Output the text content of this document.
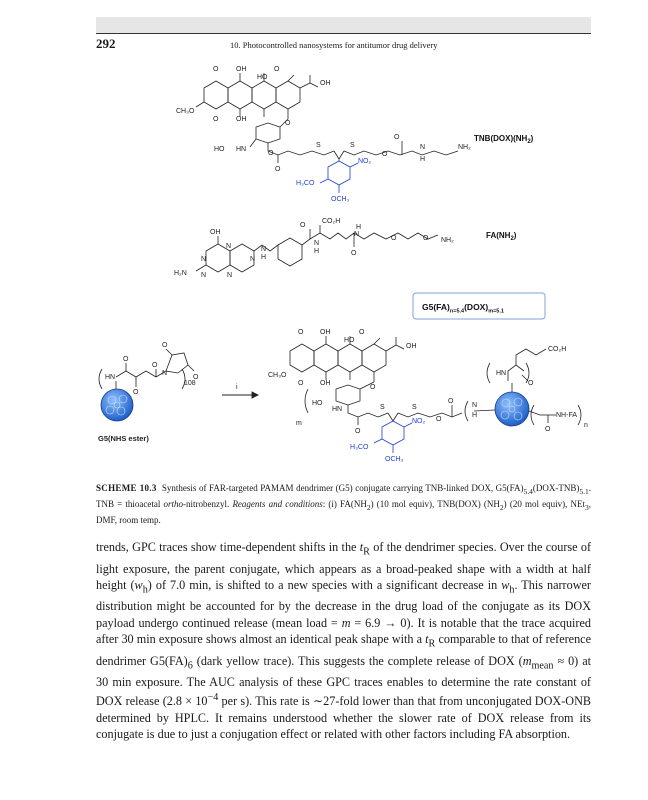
292	10. Photocontrolled nanosystems for antitumor drug delivery
O	OH
HO
O
OH
CH₃O
O	OH
O
HO HN
O
S	S
O
O
N
H
NH₂
O
NO₂
H₃CO
OCH₃
$TNB(DOX)(NH_2)$
O
CO₂H
H
N
N
H
OH
O
N
N
N
N
H
O	O NH₂
H₂N N	N
$FA(NH_2)$
$G5(FA)_{n=5.4}(DOX)_{m=5.1}$
O
O
HN
O
O
N
O
108
G5(NHS ester)
i
O OH
HO
O
OH
CH₃O
O OH
O
HO
HN	S	S
O
O
O
N
H
NO₂
H₃CO
OCH₃
CO₂H
HN
O
NH-FA
O
m	n
SCHEME 10.3 Synthesis of FAR-targeted PAMAM dendrimer (G5) conjugate carrying TNB-linked DOX, $G5(FA)_{5.4}(DOX-TNB)_{5.1}$. TNB = thioacetal ortho-nitrobenzyl. Reagents and conditions: (i) $FA(NH_2)$ (10 mol equiv), TNB(DOX) $(NH_2)$ (20 mol equiv), NEt$_3$, DMF, room temp.

trends, GPC traces show time-dependent shifts in the $t_R$ of the dendrimer species. Over the course of light exposure, the parent conjugate, which appears as a broad-peaked shape with a width at half height $(w_h)$ of 7.0 min, is shifted to a new species with a significant decrease in $w_h$. This narrower distribution might be accounted for by the decrease in the drug load of the conjugate as its DOX payload undergo continued release (mean load = m = 6.9 → 0). It is notable that the trace acquired after 30 min exposure shows almost an identical peak shape with a $t_R$ comparable to that of reference dendrimer $G5(FA)_6$ (dark yellow trace). This suggests the complete release of DOX $(m_{mean} \approx 0)$ at 30 min exposure. The AUC analysis of these GPC traces enables to determine the rate constant of DOX release ($2.8 \times 10^{-4}$ per s). This rate is ∼27-fold lower than that from unconjugated DOX-ONB determined by HPLC. It remains understood whether the slower rate of DOX release from its conjugate is due to just a conjugation effect or related with other factors including FA absorption.
